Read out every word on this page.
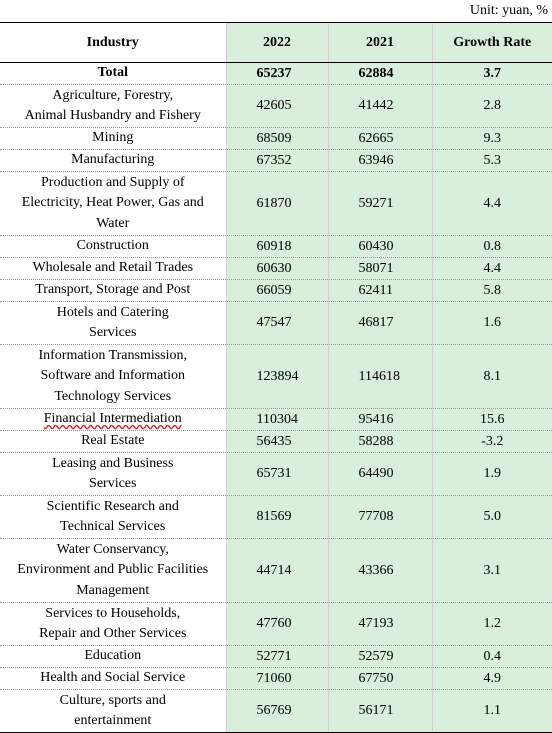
Unit: yuan, %
Industry	2022	2021	Growth Rate

Total	65237	62884	3.7

Agriculture, Forestry,
Animal Husbandry and Fishery	42605	41442	2.8

Mining	68509	62665	9.3

Manufacturing	67352	63946	5.3

Production and Supply of
Electricity, Heat Power, Gas and
Water	61870	59271	4.4

Construction	60918	60430	0.8

Wholesale and Retail Trades	60630	58071	4.4

Transport, Storage and Post	66059	62411	5.8

Hotels and Catering
Services	47547	46817	1.6

Information Transmission,
Software and Information
Technology Services	123894	114618	8.1

Financial Intermediation	110304	95416	15.6

Real Estate	56435	58288	-3.2

Leasing and Business
Services	65731	64490	1.9

Scientific Research and
Technical Services	81569	77708	5.0

Water Conservancy,
Environment and Public Facilities
Management	44714	43366	3.1

Services to Households,
Repair and Other Services	47760	47193	1.2

Education	52771	52579	0.4

Health and Social Service	71060	67750	4.9

Culture, sports and
entertainment	56769	56171	1.1
